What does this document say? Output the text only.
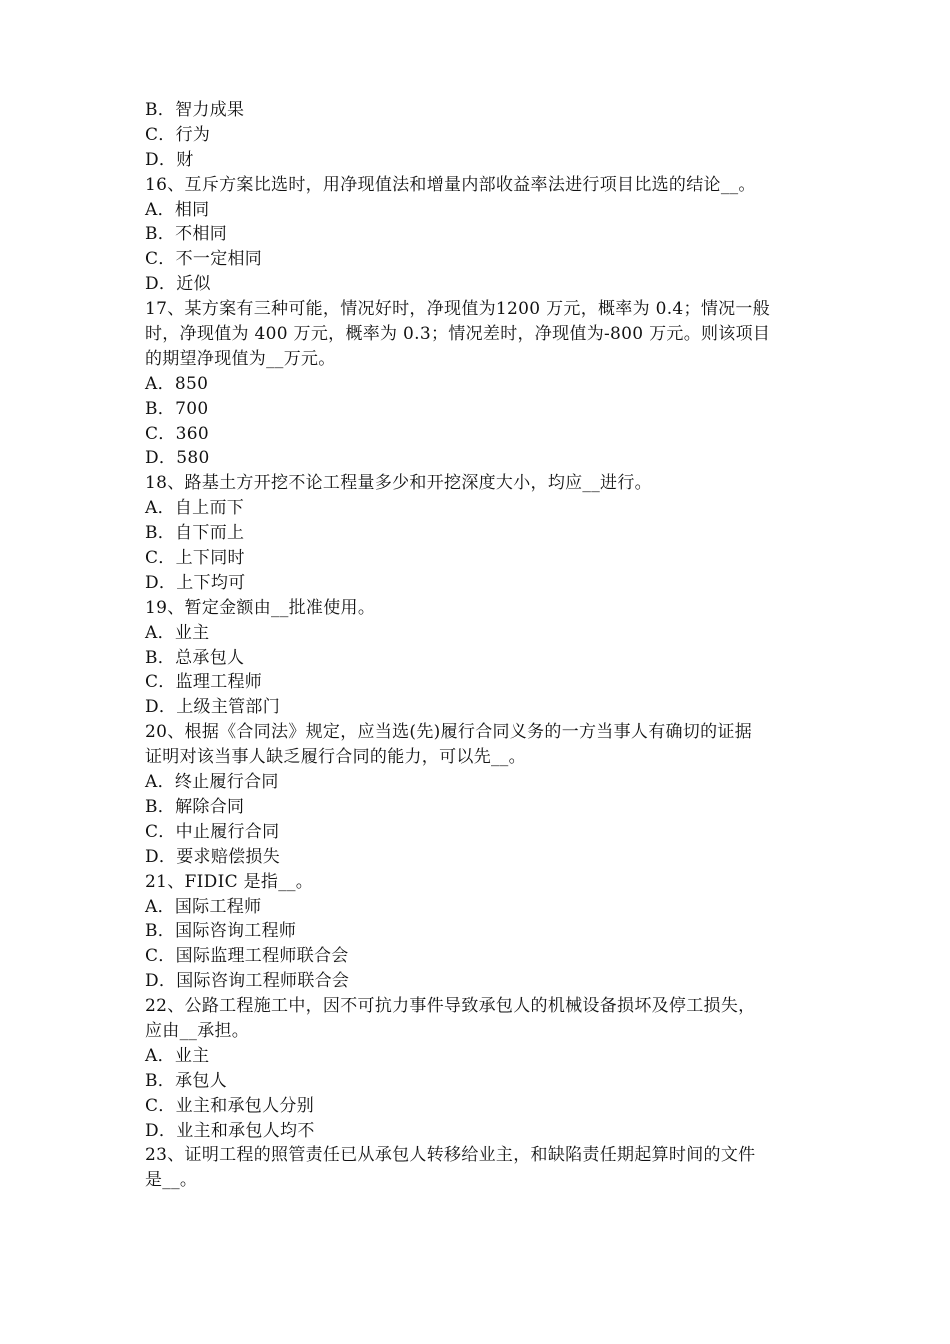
B．智力成果
C．行为
D．财
16、互斥方案比选时，用净现值法和增量内部收益率法进行项目比选的结论__。
A．相同
B．不相同
C．不一定相同
D．近似
17、某方案有三种可能，情况好时，净现值为1200 万元，概率为 0.4；情况一般
时，净现值为 400 万元，概率为 0.3；情况差时，净现值为-800 万元。则该项目
的期望净现值为__万元。
A．850
B．700
C．360
D．580
18、路基土方开挖不论工程量多少和开挖深度大小，均应__进行。
A．自上而下
B．自下而上
C．上下同时
D．上下均可
19、暂定金额由__批准使用。
A．业主
B．总承包人
C．监理工程师
D．上级主管部门
20、根据《合同法》规定，应当选(先)履行合同义务的一方当事人有确切的证据
证明对该当事人缺乏履行合同的能力，可以先__。
A．终止履行合同
B．解除合同
C．中止履行合同
D．要求赔偿损失
21、FIDIC 是指__。
A．国际工程师
B．国际咨询工程师
C．国际监理工程师联合会
D．国际咨询工程师联合会
22、公路工程施工中，因不可抗力事件导致承包人的机械设备损坏及停工损失，
应由__承担。
A．业主
B．承包人
C．业主和承包人分别
D．业主和承包人均不
23、证明工程的照管责任已从承包人转移给业主，和缺陷责任期起算时间的文件
是__。
